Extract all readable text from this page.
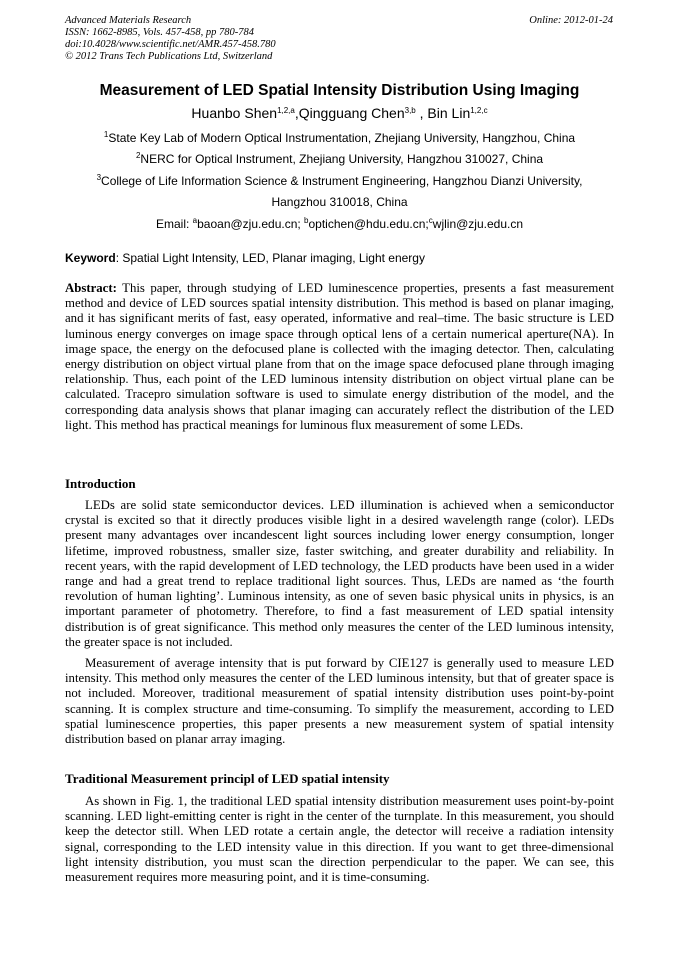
Advanced Materials Research
ISSN: 1662-8985, Vols. 457-458, pp 780-784
doi:10.4028/www.scientific.net/AMR.457-458.780
© 2012 Trans Tech Publications Ltd, Switzerland
Online: 2012-01-24
Measurement of LED Spatial Intensity Distribution Using Imaging
Huanbo Shen$^{1,2,a}$,Qingguang Chen$^{3,b}$ , Bin Lin$^{1,2,c}$
$^1$State Key Lab of Modern Optical Instrumentation, Zhejiang University, Hangzhou, China
$^2$NERC for Optical Instrument, Zhejiang University, Hangzhou 310027, China
$^3$College of Life Information Science & Instrument Engineering, Hangzhou Dianzi University,
Hangzhou 310018, China
Email: $^a$baoan@zju.edu.cn; $^b$optichen@hdu.edu.cn;$^c$wjlin@zju.edu.cn
Keyword: Spatial Light Intensity, LED, Planar imaging, Light energy
Abstract: This paper, through studying of LED luminescence properties, presents a fast measurement method and device of LED sources spatial intensity distribution. This method is based on planar imaging, and it has significant merits of fast, easy operated, informative and real–time. The basic structure is LED luminous energy converges on image space through optical lens of a certain numerical aperture(NA). In image space, the energy on the defocused plane is collected with the imaging detector. Then, calculating energy distribution on object virtual plane from that on the image space defocused plane through imaging relationship. Thus, each point of the LED luminous intensity distribution on object virtual plane can be calculated. Tracepro simulation software is used to simulate energy distribution of the model, and the corresponding data analysis shows that planar imaging can accurately reflect the distribution of the LED light. This method has practical meanings for luminous flux measurement of some LEDs.
Introduction

LEDs are solid state semiconductor devices. LED illumination is achieved when a semiconductor crystal is excited so that it directly produces visible light in a desired wavelength range (color). LEDs present many advantages over incandescent light sources including lower energy consumption, longer lifetime, improved robustness, smaller size, faster switching, and greater durability and reliability. In recent years, with the rapid development of LED technology, the LED products have been used in a wider range and had a great trend to replace traditional light sources. Thus, LEDs are named as ‘the fourth revolution of human lighting’. Luminous intensity, as one of seven basic physical units in physics, is an important parameter of photometry. Therefore, to find a fast measurement of LED spatial intensity distribution is of great significance. This method only measures the center of the LED luminous intensity, the greater space is not included.

Measurement of average intensity that is put forward by CIE127 is generally used to measure LED intensity. This method only measures the center of the LED luminous intensity, but that of greater space is not included. Moreover, traditional measurement of spatial intensity distribution uses point-by-point scanning. It is complex structure and time-consuming. To simplify the measurement, according to LED spatial luminescence properties, this paper presents a new measurement system of spatial intensity distribution based on planar array imaging.

Traditional Measurement principl of LED spatial intensity

As shown in Fig. 1, the traditional LED spatial intensity distribution measurement uses point-by-point scanning. LED light-emitting center is right in the center of the turnplate. In this measurement, you should keep the detector still. When LED rotate a certain angle, the detector will receive a radiation intensity signal, corresponding to the LED intensity value in this direction. If you want to get three-dimensional light intensity distribution, you must scan the direction perpendicular to the paper. We can see, this measurement requires more measuring point, and it is time-consuming.
